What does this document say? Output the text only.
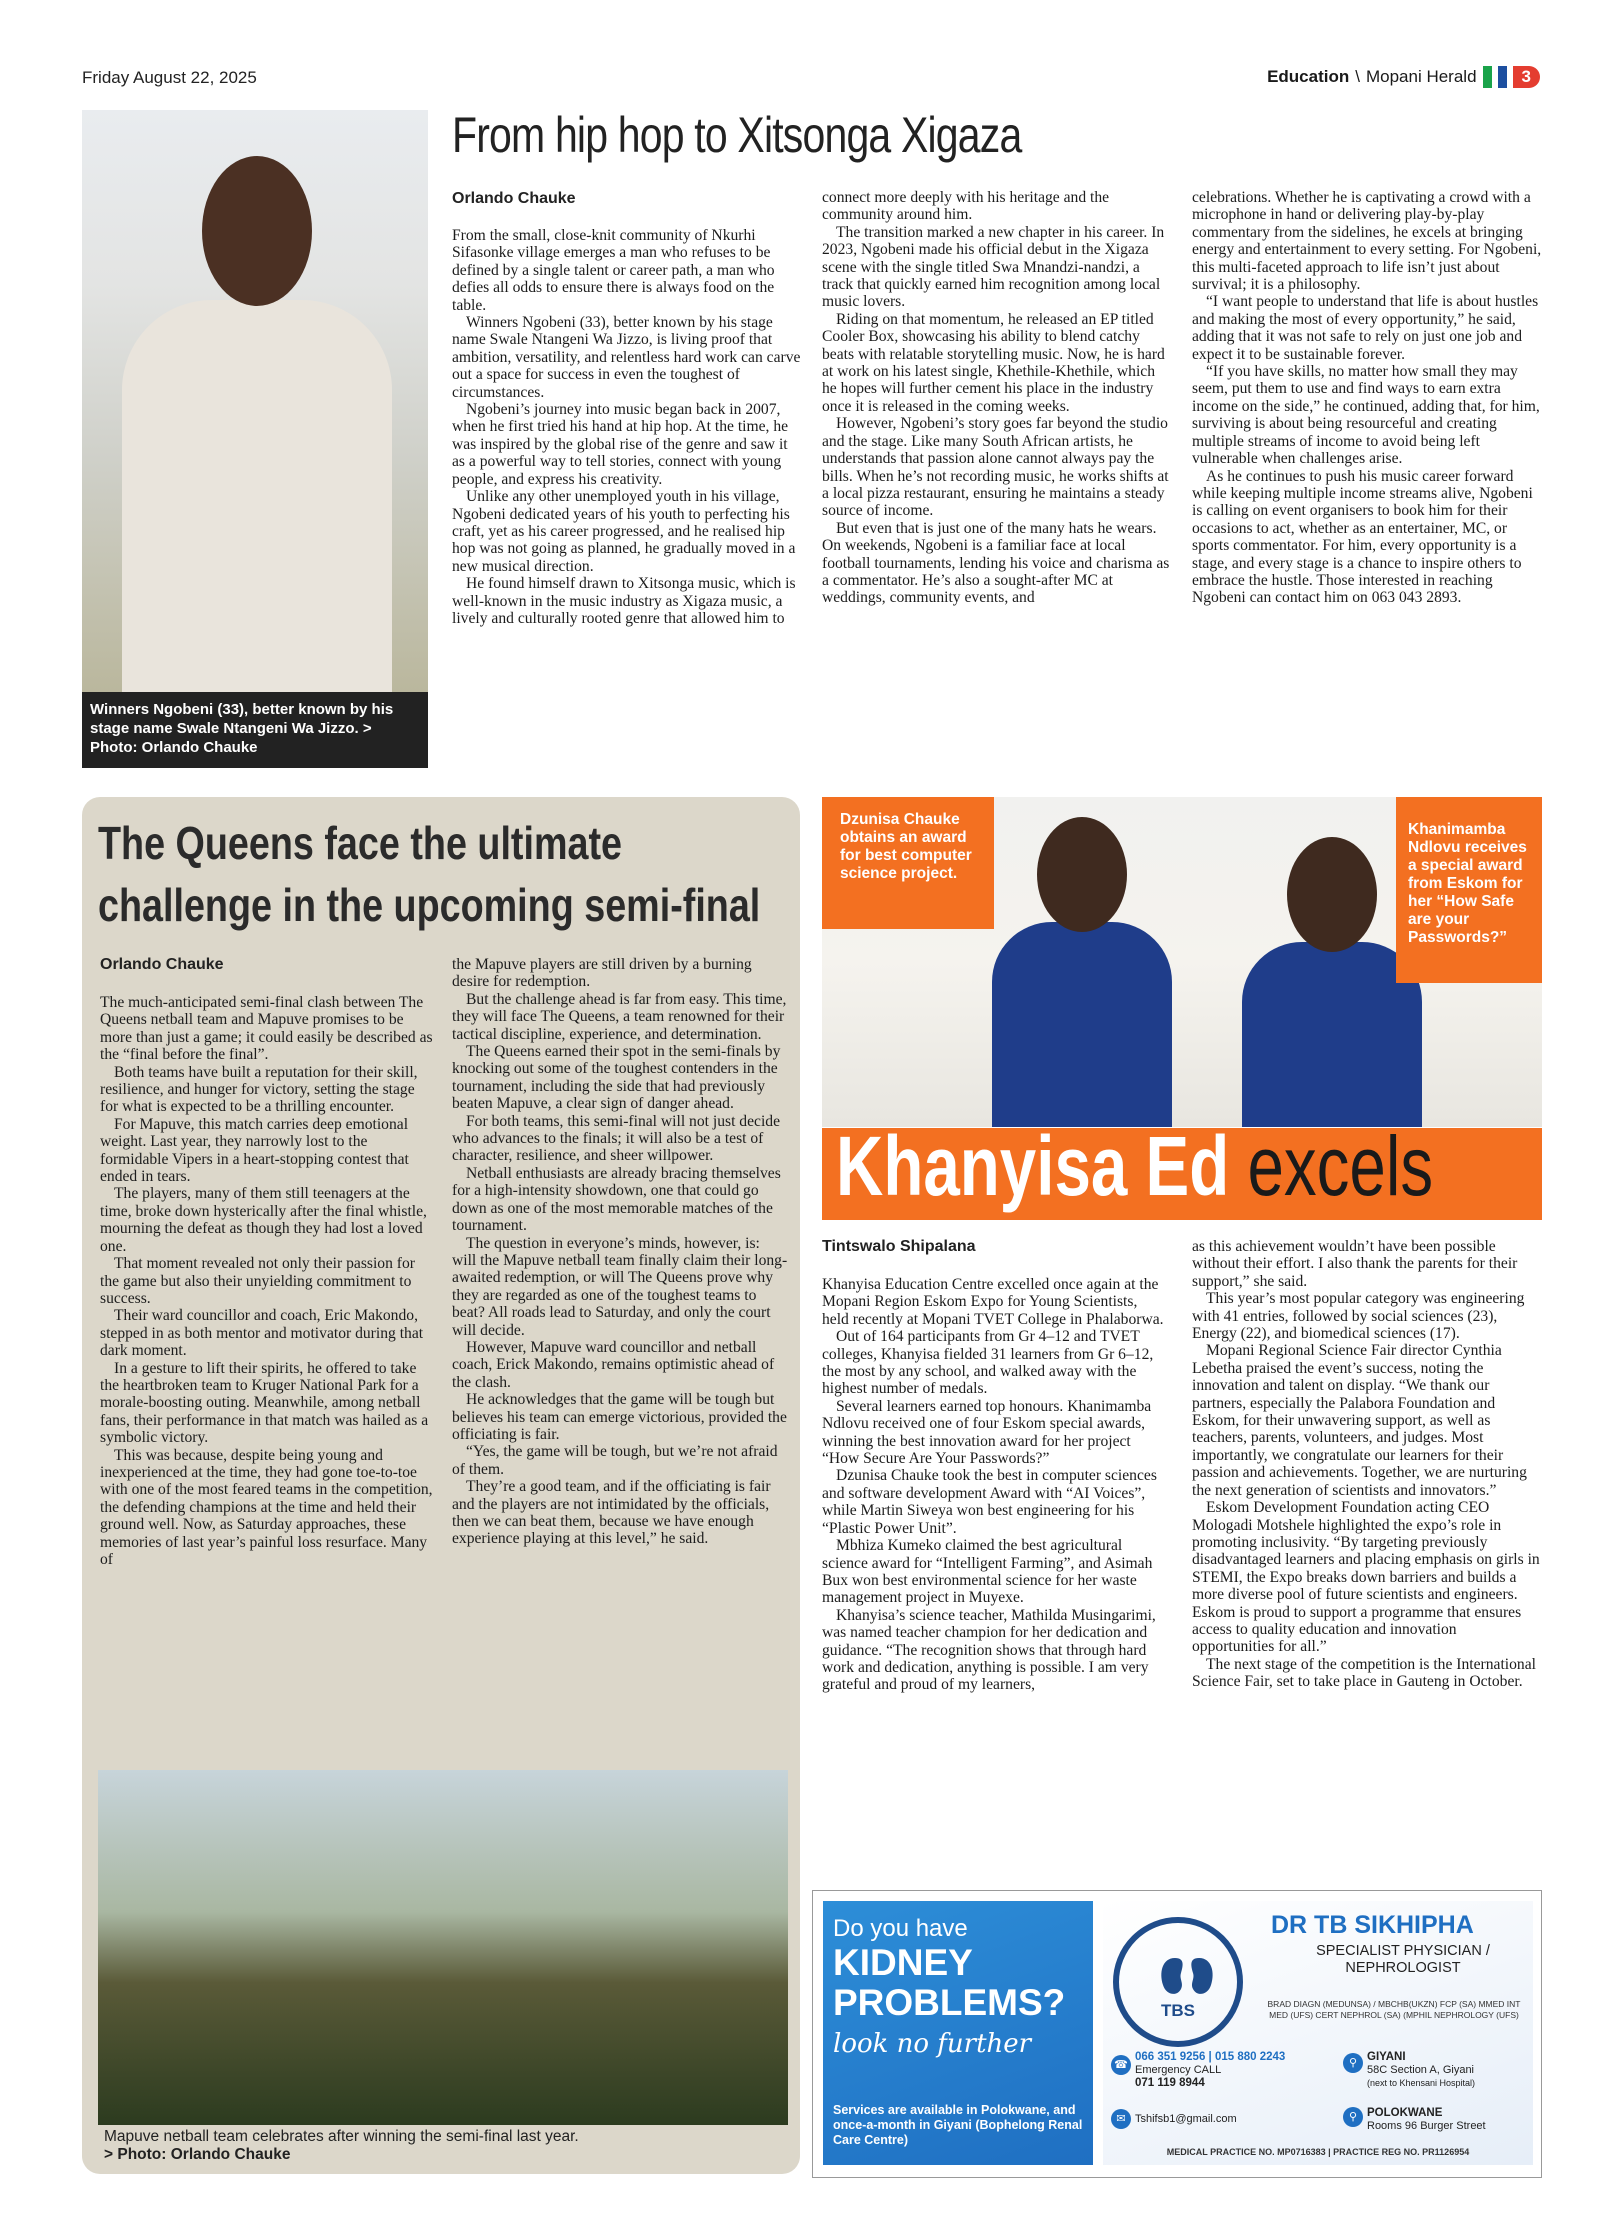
Friday August 22, 2025	Education \ Mopani Herald	3
Winners Ngobeni (33), better known by his stage name Swale Ntangeni Wa Jizzo. > Photo: Orlando Chauke
From hip hop to Xitsonga Xigaza
Orlando Chauke

From the small, close-knit community of Nkurhi Sifasonke village emerges a man who refuses to be defined by a single talent or career path, a man who defies all odds to ensure there is always food on the table.

Winners Ngobeni (33), better known by his stage name Swale Ntangeni Wa Jizzo, is living proof that ambition, versatility, and relentless hard work can carve out a space for success in even the toughest of circumstances.

Ngobeni’s journey into music began back in 2007, when he first tried his hand at hip hop. At the time, he was inspired by the global rise of the genre and saw it as a powerful way to tell stories, connect with young people, and express his creativity.

Unlike any other unemployed youth in his village, Ngobeni dedicated years of his youth to perfecting his craft, yet as his career progressed, and he realised hip hop was not going as planned, he gradually moved in a new musical direction.

He found himself drawn to Xitsonga music, which is well-known in the music industry as Xigaza music, a lively and culturally rooted genre that allowed him to

connect more deeply with his heritage and the community around him.

The transition marked a new chapter in his career. In 2023, Ngobeni made his official debut in the Xigaza scene with the single titled Swa Mnandzi-nandzi, a track that quickly earned him recognition among local music lovers.

Riding on that momentum, he released an EP titled Cooler Box, showcasing his ability to blend catchy beats with relatable storytelling music. Now, he is hard at work on his latest single, Khethile-Khethile, which he hopes will further cement his place in the industry once it is released in the coming weeks.

However, Ngobeni’s story goes far beyond the studio and the stage. Like many South African artists, he understands that passion alone cannot always pay the bills. When he’s not recording music, he works shifts at a local pizza restaurant, ensuring he maintains a steady source of income.

But even that is just one of the many hats he wears. On weekends, Ngobeni is a familiar face at local football tournaments, lending his voice and charisma as a commentator. He’s also a sought-after MC at weddings, community events, and

celebrations. Whether he is captivating a crowd with a microphone in hand or delivering play-by-play commentary from the sidelines, he excels at bringing energy and entertainment to every setting. For Ngobeni, this multi-faceted approach to life isn’t just about survival; it is a philosophy.

“I want people to understand that life is about hustles and making the most of every opportunity,” he said, adding that it was not safe to rely on just one job and expect it to be sustainable forever.

“If you have skills, no matter how small they may seem, put them to use and find ways to earn extra income on the side,” he continued, adding that, for him, surviving is about being resourceful and creating multiple streams of income to avoid being left vulnerable when challenges arise.

As he continues to push his music career forward while keeping multiple income streams alive, Ngobeni is calling on event organisers to book him for their occasions to act, whether as an entertainer, MC, or sports commentator. For him, every opportunity is a stage, and every stage is a chance to inspire others to embrace the hustle. Those interested in reaching Ngobeni can contact him on 063 043 2893.

The Queens face the ultimate challenge in the upcoming semi-final
Orlando Chauke

The much-anticipated semi-final clash between The Queens netball team and Mapuve promises to be more than just a game; it could easily be described as the “final before the final”.

Both teams have built a reputation for their skill, resilience, and hunger for victory, setting the stage for what is expected to be a thrilling encounter.

For Mapuve, this match carries deep emotional weight. Last year, they narrowly lost to the formidable Vipers in a heart-stopping contest that ended in tears.

The players, many of them still teenagers at the time, broke down hysterically after the final whistle, mourning the defeat as though they had lost a loved one.

That moment revealed not only their passion for the game but also their unyielding commitment to success.

Their ward councillor and coach, Eric Makondo, stepped in as both mentor and motivator during that dark moment.

In a gesture to lift their spirits, he offered to take the heartbroken team to Kruger National Park for a morale-boosting outing. Meanwhile, among netball fans, their performance in that match was hailed as a symbolic victory.

This was because, despite being young and inexperienced at the time, they had gone toe-to-toe with one of the most feared teams in the competition, the defending champions at the time and held their ground well. Now, as Saturday approaches, these memories of last year’s painful loss resurface. Many of

the Mapuve players are still driven by a burning desire for redemption.

But the challenge ahead is far from easy. This time, they will face The Queens, a team renowned for their tactical discipline, experience, and determination.

The Queens earned their spot in the semi-finals by knocking out some of the toughest contenders in the tournament, including the side that had previously beaten Mapuve, a clear sign of danger ahead.

For both teams, this semi-final will not just decide who advances to the finals; it will also be a test of character, resilience, and sheer willpower.

Netball enthusiasts are already bracing themselves for a high-intensity showdown, one that could go down as one of the most memorable matches of the tournament.

The question in everyone’s minds, however, is: will the Mapuve netball team finally claim their long-awaited redemption, or will The Queens prove why they are regarded as one of the toughest teams to beat? All roads lead to Saturday, and only the court will decide.

However, Mapuve ward councillor and netball coach, Erick Makondo, remains optimistic ahead of the clash.

He acknowledges that the game will be tough but believes his team can emerge victorious, provided the officiating is fair.

“Yes, the game will be tough, but we’re not afraid of them.

They’re a good team, and if the officiating is fair and the players are not intimidated by the officials, then we can beat them, because we have enough experience playing at this level,” he said.

Mapuve netball team celebrates after winning the semi-final last year.
> Photo: Orlando Chauke
Dzunisa Chauke obtains an award for best computer science project.
Khanimamba Ndlovu receives a special award from Eskom for her “How Safe are your Passwords?”
Khanyisa Ed excels
Tintswalo Shipalana

Khanyisa Education Centre excelled once again at the Mopani Region Eskom Expo for Young Scientists, held recently at Mopani TVET College in Phalaborwa.

Out of 164 participants from Gr 4–12 and TVET colleges, Khanyisa fielded 31 learners from Gr 6–12, the most by any school, and walked away with the highest number of medals.

Several learners earned top honours. Khanimamba Ndlovu received one of four Eskom special awards, winning the best innovation award for her project “How Secure Are Your Passwords?”

Dzunisa Chauke took the best in computer sciences and software development Award with “AI Voices”, while Martin Siweya won best engineering for his “Plastic Power Unit”.

Mbhiza Kumeko claimed the best agricultural science award for “Intelligent Farming”, and Asimah Bux won best environmental science for her waste management project in Muyexe.

Khanyisa’s science teacher, Mathilda Musingarimi, was named teacher champion for her dedication and guidance. “The recognition shows that through hard work and dedication, anything is possible. I am very grateful and proud of my learners,

as this achievement wouldn’t have been possible without their effort. I also thank the parents for their support,” she said.

This year’s most popular category was engineering with 41 entries, followed by social sciences (23), Energy (22), and biomedical sciences (17).

Mopani Regional Science Fair director Cynthia Lebetha praised the event’s success, noting the innovation and talent on display. “We thank our partners, especially the Palabora Foundation and Eskom, for their unwavering support, as well as teachers, parents, volunteers, and judges. Most importantly, we congratulate our learners for their passion and achievements. Together, we are nurturing the next generation of scientists and innovators.”

Eskom Development Foundation acting CEO Mologadi Motshele highlighted the expo’s role in promoting inclusivity. “By targeting previously disadvantaged learners and placing emphasis on girls in STEMI, the Expo breaks down barriers and builds a more diverse pool of future scientists and engineers. Eskom is proud to support a programme that ensures access to quality education and innovation opportunities for all.”

The next stage of the competition is the International Science Fair, set to take place in Gauteng in October.

Do you have
KIDNEY
PROBLEMS?
look no further
Services are available in Polokwane, and once-a-month in Giyani (Bophelong Renal Care Centre)
TBS
DR TB SIKHIPHA
SPECIALIST PHYSICIAN / NEPHROLOGIST
BRAD DIAGN (MEDUNSA) / MBCHB(UKZN) FCP (SA) MMED INT MED (UFS) CERT NEPHROL (SA) (MPHIL NEPHROLOGY (UFS)
☎
066 351 9256 | 015 880 2243
Emergency CALL
071 119 8944
✉ Tshifsb1@gmail.com
⚲ GIYANI
58C Section A, Giyani
(next to Khensani Hospital)
⚲ POLOKWANE
Rooms 96 Burger Street
MEDICAL PRACTICE NO. MP0716383 | PRACTICE REG NO. PR1126954
